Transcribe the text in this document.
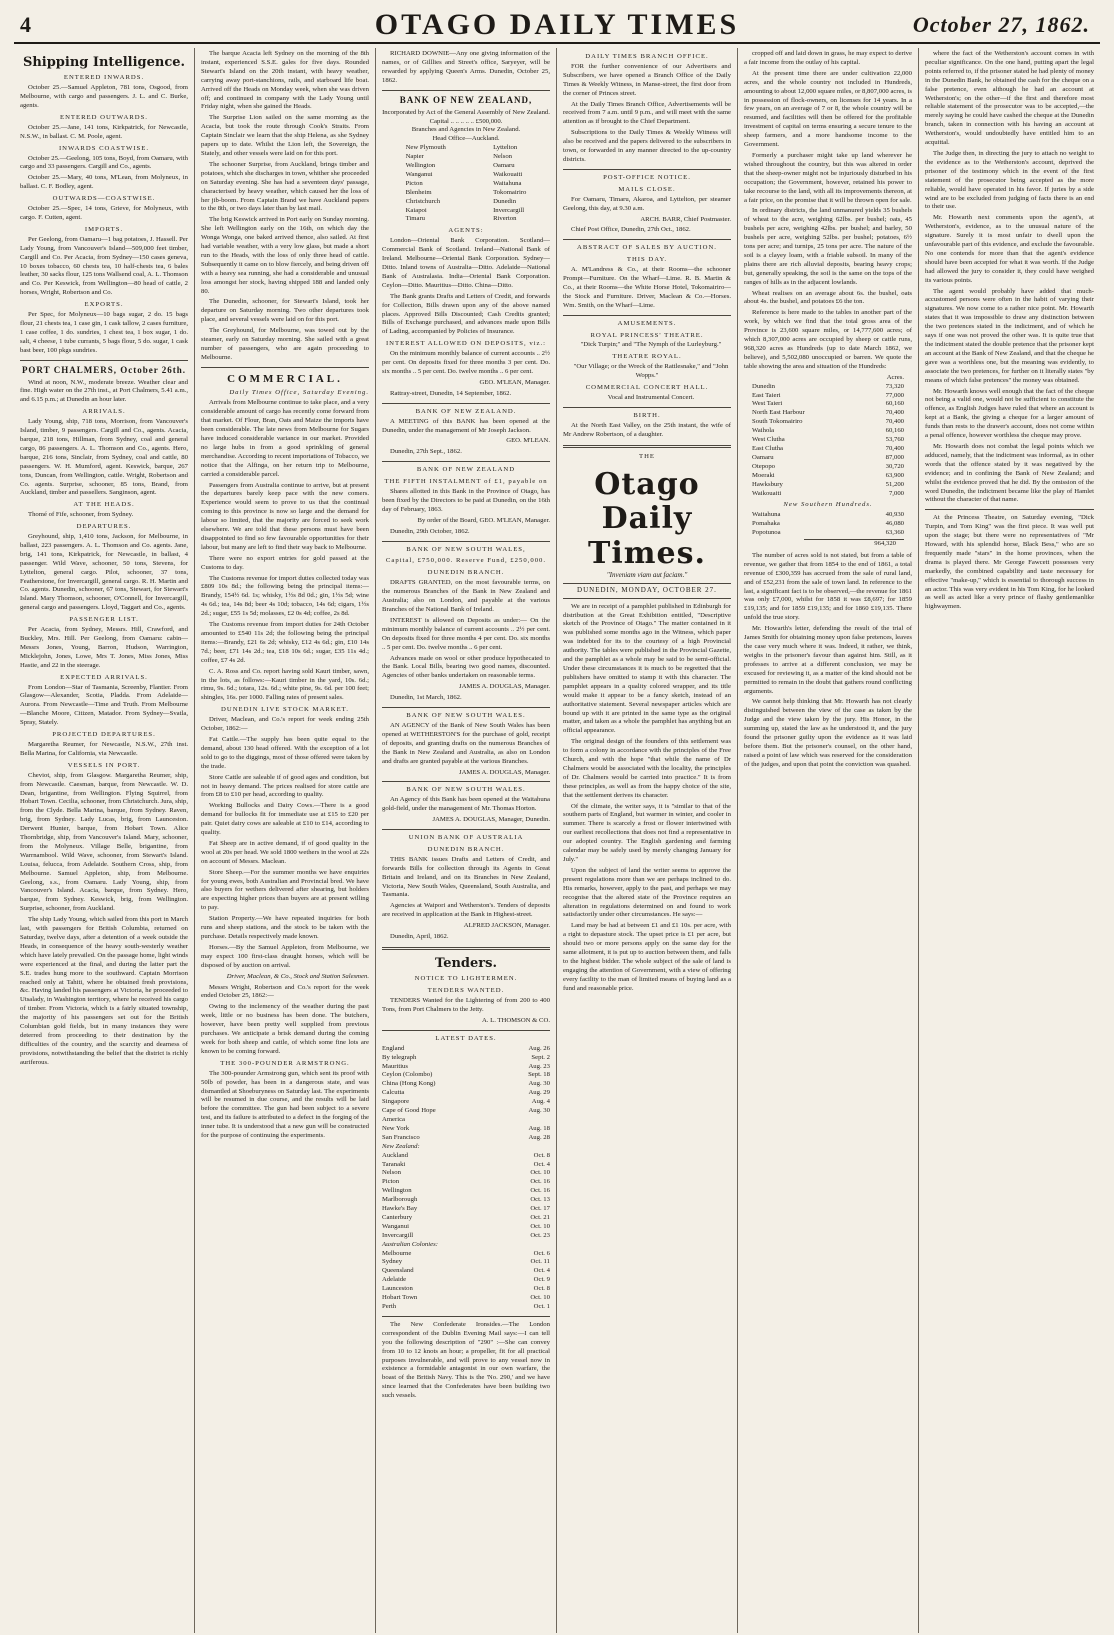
4	OTAGO DAILY TIMES	October 27, 1862.
Shipping Intelligence.
ENTERED INWARDS.

October 25.—Samuel Appleton, 781 tons, Osgood, from Melbourne, with cargo and passengers. J. L. and C. Burke, agents.

ENTERED OUTWARDS.

October 25.—Jane, 141 tons, Kirkpatrick, for Newcastle, N.S.W., in ballast. C. M. Poole, agent.

INWARDS COASTWISE.

October 25.—Geelong, 105 tons, Boyd, from Oamaru, with cargo and 33 passengers. Cargill and Co., agents.

October 25.—Mary, 40 tons, M'Lean, from Molyneux, in ballast. C. F. Bodley, agent.

OUTWARDS—COASTWISE.

October 25.—Spec, 14 tons, Grieve, for Molyneux, with cargo. F. Cutten, agent.

IMPORTS.

Per Geelong, from Oamaru—1 bag potatoes, J. Hassell. Per Lady Young, from Vancouver's Island—509,000 feet timber, Cargill and Co. Per Acacia, from Sydney—150 cases geneva, 10 boxes tobacco, 60 chests tea, 10 half-chests tea, 6 bales leather, 30 sacks flour, 125 tons Wallsend coal, A. L. Thomson and Co. Per Keswick, from Wellington—80 head of cattle, 2 horses, Wright, Robertson and Co.

EXPORTS.

Per Spec, for Molyneux—10 bags sugar, 2 do. 15 bags flour, 21 chests tea, 1 case gin, 1 cask tallow, 2 cases furniture, 1 case coffee, 1 do. sundries, 1 chest tea, 1 box sugar, 1 do. salt, 4 cheese, 1 tube currants, 5 bags flour, 5 do. sugar, 1 cask bast beer, 100 pkgs sundries.

PORT CHALMERS, October 26th.

Wind at noon, N.W., moderate breeze. Weather clear and fine. High water on the 27th inst., at Port Chalmers, 5.41 a.m., and 6.15 p.m.; at Dunedin an hour later.

ARRIVALS.

Lady Young, ship, 718 tons, Morrison, from Vancouver's Island, timber, 9 passengers. Cargill and Co., agents. Acacia, barque, 218 tons, Hillman, from Sydney, coal and general cargo, 86 passengers. A. L. Thomson and Co., agents. Hero, barque, 216 tons, Sinclair, from Sydney, coal and cattle, 80 passengers. W. H. Mumford, agent. Keswick, barque, 267 tons, Duncan, from Wellington, cattle. Wright, Robertson and Co. agents. Surprise, schooner, 85 tons, Brand, from Auckland, timber and passellers. Sanginson, agent.

AT THE HEADS.

Thomé of Fife, schooner, from Sydney.

DEPARTURES.

Greyhound, ship, 1,410 tons, Jackson, for Melbourne, in ballast, 223 passengers. A. L. Thomson and Co. agents. Jane, brig, 141 tons, Kirkpatrick, for Newcastle, in ballast, 4 passenger. Wild Wave, schooner, 50 tons, Stevens, for Lyttelton, general cargo. Pilot, schooner, 37 tons, Featherstone, for Invercargill, general cargo. R. H. Martin and Co. agents. Dunedin, schooner, 67 tons, Stewart, for Stewart's Island. Mary Thomson, schooner, O'Connell, for Invercargill, general cargo and passengers. Lloyd, Taggart and Co., agents.

PASSENGER LIST.

Per Acacia, from Sydney, Messrs. Hill, Crawford, and Buckley, Mrs. Hill. Per Geelong, from Oamaru: cabin—Messrs Jones, Young, Barron, Hudson, Warrington, Micklejohn, Jones, Lowe, Mrs T. Jones, Miss Jones, Miss Hastie, and 22 in the steerage.

EXPECTED ARRIVALS.

From London—Star of Tasmania, Screenby, Flantier. From Glasgow—Alexander, Scotia, Pladda. From Adelaide—Aurora. From Newcastle—Time and Truth. From Melbourne—Blanche Moore, Citizen, Matador. From Sydney—Svatla, Spray, Stately.

PROJECTED DEPARTURES.

Margaretha Reumer, for Newcastle, N.S.W., 27th inst. Bella Marina, for California, via Newcastle.

VESSELS IN PORT.

Cheviot, ship, from Glasgow. Margaretha Reumer, ship, from Newcastle. Caesman, barque, from Newcastle. W. D. Dean, brigantine, from Wellington. Flying Squirrel, from Hobart Town. Cecilia, schooner, from Christchurch. Jura, ship, from the Clyde. Bella Marina, barque, from Sydney. Raven, brig, from Sydney. Lady Lucas, brig, from Launceston. Derwent Hunter, barque, from Hobart Town. Alice Thornbridge, ship, from Vancouver's Island. Mary, schooner, from the Molyneux. Village Belle, brigantine, from Warrnambool. Wild Wave, schooner, from Stewart's Island. Louisa, felucca, from Adelaide. Southern Cross, ship, from Melbourne. Samuel Appleton, ship, from Melbourne. Geelong, s.s., from Oamaru. Lady Young, ship, from Vancouver's Island. Acacia, barque, from Sydney. Hero, barque, from Sydney. Keswick, brig, from Wellington. Surprise, schooner, from Auckland.

The ship Lady Young, which sailed from this port in March last, with passengers for British Columbia, returned on Saturday, twelve days, after a detention of a week outside the Heads, in consequence of the heavy south-westerly weather which have lately prevailed. On the passage home, light winds were experienced at the final, and during the latter part the S.E. trades hung more to the southward. Captain Morrison reached only at Tahiti, where he obtained fresh provisions, &c. Having landed his passengers at Victoria, he proceeded to Utsalady, in Washington territory, where he received his cargo of timber. From Victoria, which is a fairly situated township, the majority of his passengers set out for the British Columbian gold fields, but in many instances they were deterred from proceeding to their destination by the difficulties of the country, and the scarcity and dearness of provisions, notwithstanding the belief that the district is richly auriferous.

The barque Acacia left Sydney on the morning of the 8th instant, experienced S.S.E. gales for five days. Rounded Stewart's Island on the 20th instant, with heavy weather, carrying away port-stanchions, rails, and starboard life boat. Arrived off the Heads on Monday week, when she was driven off; and continued in company with the Lady Young until Friday night, when she gained the Heads.

The Surprise Lion sailed on the same morning as the Acacia, but took the route through Cook's Straits. From Captain Sinclair we learn that the ship Helena, as she Sydney papers up to date. Whilst the Lion left, the Sovereign, the Stately, and other vessels were laid on for this port.

The schooner Surprise, from Auckland, brings timber and potatoes, which she discharges in town, whither she proceeded on Saturday evening. She has had a seventeen days' passage, characterised by heavy weather, which caused her the loss of her jib-boom. From Captain Brand we have Auckland papers to the 8th, or two days later than by last mail.

The brig Keswick arrived in Port early on Sunday morning. She left Wellington early on the 16th, on which day the Wonga Wonga, one baked arrived thence, also sailed. At first had variable weather, with a very low glass, but made a short run to the Heads, with the loss of only three head of cattle. Subsequently it came on to blow fiercely, and being driven off with a heavy sea running, she had a considerable and unusual loss amongst her stock, having shipped 188 and landed only 80.

The Dunedin, schooner, for Stewart's Island, took her departure on Saturday morning. Two other departures took place, and several vessels were laid on for this port.

The Greyhound, for Melbourne, was towed out by the steamer, early on Saturday morning. She sailed with a great number of passengers, who are again proceeding to Melbourne.

COMMERCIAL.
Daily Times Office, Saturday Evening.

Arrivals from Melbourne continue to take place, and a very considerable amount of cargo has recently come forward from that market. Of Flour, Bran, Oats and Maize the imports have been considerable. The late news from Melbourne for Sugars have induced considerable variance in our market. Provided no large hubs in from a good sprinkling of general merchandise. According to recent importations of Tobacco, we notice that the Alfinga, on her return trip to Melbourne, carried a considerable parcel.

Passengers from Australia continue to arrive, but at present the departures barely keep pace with the new comers. Experience would seem to prove to us that the continual coming to this province is now so large and the demand for labour so limited, that the majority are forced to seek work elsewhere. We are told that these persons must have been disappointed to find so few favourable opportunities for their labour, but many are left to find their way back to Melbourne.

There were no export entries for gold passed at the Customs to day.

The Customs revenue for import duties collected today was £809 10s 8d.; the following being the principal items:—Brandy, 154½ 6d. 1s; whisky, 1½s 8d 0d.; gin, 1½s 5d; wine 4s 6d.; tea, 14s 8d; beer 4s 10d; tobacco, 14s 6d; cigars, 1½s 2d.; sugar, £55 1s 5d; molasses, £2 0s 4d; coffee, 2s 8d.

The Customs revenue from import duties for 24th October amounted to £540 11s 2d; the following being the principal items:—Brandy, £21 6s 2d; whisky, £12 4s 6d.; gin, £10 14s 7d.; beer, £71 14s 2d.; tea, £18 10s 6d.; sugar, £35 11s 4d.; coffee, £7 4s 2d.

C. A. Ross and Co. report having sold Kauri timber, sawn, in the lots, as follows:—Kauri timber in the yard, 10s. 6d.; rimu, 9s. 6d.; totara, 12s. 6d.; white pine, 9s. 6d. per 100 feet; shingles, 16s. per 1000. Falling rates of present sales.

DUNEDIN LIVE STOCK MARKET.

Driver, Maclean, and Co.'s report for week ending 25th October, 1862:—

Fat Cattle.—The supply has been quite equal to the demand, about 130 head offered. With the exception of a lot sold to go to the diggings, most of those offered were taken by the trade.

Store Cattle are saleable if of good ages and condition, but not in heavy demand. The prices realised for store cattle are from £8 to £10 per head, according to quality.

Working Bullocks and Dairy Cows.—There is a good demand for bullocks fit for immediate use at £15 to £20 per pair. Quiet dairy cows are saleable at £10 to £14, according to quality.

Fat Sheep are in active demand, if of good quality in the wool at 20s per head. We sold 1800 wethers in the wool at 22s on account of Messrs. Maclean.

Store Sheep.—For the summer months we have enquiries for young ewes, both Australian and Provincial bred. We have also buyers for wethers delivered after shearing, but holders are expecting higher prices than buyers are at present willing to pay.

Station Property.—We have repeated inquiries for both runs and sheep stations, and the stock to be taken with the purchase. Details respectively made known.

Horses.—By the Samuel Appleton, from Melbourne, we may expect 100 first-class draught horses, which will be disposed of by auction on arrival.

Driver, Maclean, & Co., Stock and Station Salesmen.

Messrs Wright, Robertson and Co.'s report for the week ended October 25, 1862:—

Owing to the inclemency of the weather during the past week, little or no business has been done. The butchers, however, have been pretty well supplied from previous purchases. We anticipate a brisk demand during the coming week for both sheep and cattle, of which some fine lots are known to be coming forward.

THE 300-POUNDER ARMSTRONG.

The 300-pounder Armstrong gun, which sent its proof with 50lb of powder, has been in a dangerous state, and was dismantled at Shoeburyness on Saturday last. The experiments will be resumed in due course, and the results will be laid before the committee. The gun had been subject to a severe test, and its failure is attributed to a defect in the forging of the inner tube. It is understood that a new gun will be constructed for the purpose of continuing the experiments.

RICHARD DOWNIE—Any one giving information of the names, or of Gilllies and Street's office, Saryeyer, will be rewarded by applying Queen's Arms. Dunedin, October 25, 1862.

BANK OF NEW ZEALAND,
Incorporated by Act of the General Assembly of New Zealand.
Capital .. .. .. .. .. £500,000.
Branches and Agencies in New Zealand.
Head Office—Auckland.
New Plymouth
Napier
Wellington
Wanganui
Picton
Blenheim
Christchurch
Kaiapoi
Timaru
Lyttelton
Nelson
Oamaru
Waikouaiti
Waitahuna
Tokomairiro
Dunedin
Invercargill
Riverton
AGENTS:

London—Oriental Bank Corporation. Scotland—Commercial Bank of Scotland. Ireland—National Bank of Ireland. Melbourne—Oriental Bank Corporation. Sydney—Ditto. Inland towns of Australia—Ditto. Adelaide—National Bank of Australasia. India—Oriental Bank Corporation. Ceylon—Ditto. Mauritius—Ditto. China—Ditto.

The Bank grants Drafts and Letters of Credit, and forwards for Collection, Bills drawn upon any of the above named places. Approved Bills Discounted; Cash Credits granted; Bills of Exchange purchased, and advances made upon Bills of Lading, accompanied by Policies of Insurance.

INTEREST ALLOWED ON DEPOSITS, viz.:

On the minimum monthly balance of current accounts .. 2½ per cent. On deposits fixed for three months 3 per cent. Do. six months .. 5 per cent. Do. twelve months .. 6 per cent.

GEO. M'LEAN, Manager.

Rattray-street, Dunedin, 14 September, 1862.

BANK OF NEW ZEALAND.

A MEETING of this BANK has been opened at the Dunedin, under the management of Mr Joseph Jackson.

GEO. M'LEAN.

Dunedin, 27th Sept., 1862.

BANK OF NEW ZEALAND
THE FIFTH INSTALMENT of £1, payable on

Shares allotted in this Bank in the Province of Otago, has been fixed by the Directors to be paid at Dunedin, on the 16th day of February, 1863.

By order of the Board, GEO. M'LEAN, Manager.

Dunedin, 29th October, 1862.

BANK OF NEW SOUTH WALES,
Capital, £750,000. Reserve Fund, £250,000.
DUNEDIN BRANCH.

DRAFTS GRANTED, on the most favourable terms, on the numerous Branches of the Bank in New Zealand and Australia; also on London, and payable at the various Branches of the National Bank of Ireland.

INTEREST is allowed on Deposits as under:— On the minimum monthly balance of current accounts .. 2½ per cent. On deposits fixed for three months 4 per cent. Do. six months .. 5 per cent. Do. twelve months .. 6 per cent.

Advances made on wool or other produce hypothecated to the Bank. Local Bills, bearing two good names, discounted. Agencies of other banks undertaken on reasonable terms.

JAMES A. DOUGLAS, Manager.

Dunedin, 1st March, 1862.

BANK OF NEW SOUTH WALES.

AN AGENCY of the Bank of New South Wales has been opened at WETHERSTON'S for the purchase of gold, receipt of deposits, and granting drafts on the numerous Branches of the Bank in New Zealand and Australia, as also on London and drafts are granted payable at the various Branches.

JAMES A. DOUGLAS, Manager.

BANK OF NEW SOUTH WALES.

An Agency of this Bank has been opened at the Waitahuna gold-field, under the management of Mr. Thomas Horton.

JAMES A. DOUGLAS, Manager, Dunedin.

UNION BANK OF AUSTRALIA
DUNEDIN BRANCH.

THIS BANK issues Drafts and Letters of Credit, and forwards Bills for collection through its Agents in Great Britain and Ireland, and on its Branches in New Zealand, Victoria, New South Wales, Queensland, South Australia, and Tasmania.

Agencies at Waipori and Wetherston's. Tenders of deposits are received in application at the Bank in Highest-street.

ALFRED JACKSON, Manager.

Dunedin, April, 1862.

Tenders.
NOTICE TO LIGHTERMEN.
TENDERS WANTED.

TENDERS Wanted for the Lightering of from 200 to 400 Tons, from Port Chalmers to the Jetty.

A. L. THOMSON & CO.

LATEST DATES.
England	Aug. 26
By telegraph	Sept. 2
Mauritius	Aug. 23
Ceylon (Colombo)	Sept. 18
China (Hong Kong)	Aug. 30
Calcutta	Aug. 29
Singapore	Aug. 4
Cape of Good Hope	Aug. 30
America
New York	Aug. 18
San Francisco	Aug. 28
New Zealand:
Auckland	Oct. 8
Taranaki	Oct. 4
Nelson	Oct. 10
Picton	Oct. 16
Wellington	Oct. 16
Marlborough	Oct. 13
Hawke's Bay	Oct. 17
Canterbury	Oct. 21
Wanganui	Oct. 10
Invercargill	Oct. 23
Australian Colonies:
Melbourne	Oct. 6
Sydney	Oct. 11
Queensland	Oct. 4
Adelaide	Oct. 9
Launceston	Oct. 8
Hobart Town	Oct. 10
Perth	Oct. 1

The New Confederate Ironsides.—The London correspondent of the Dublin Evening Mail says:—I can tell you the following description of "290" :—She can convey from 10 to 12 knots an hour; a propeller, fit for all practical purposes invulnerable, and will prove to any vessel now in existence a formidable antagonist in our own warfare, the boast of the British Navy. This is the 'No. 290,' and we have since learned that the Confederates have been building two such vessels.

DAILY TIMES BRANCH OFFICE.

FOR the further convenience of our Advertisers and Subscribers, we have opened a Branch Office of the Daily Times & Weekly Witness, in Manse-street, the first door from the corner of Princes street.

At the Daily Times Branch Office, Advertisements will be received from 7 a.m. until 9 p.m., and will meet with the same attention as if brought to the Chief Department.

Subscriptions to the Daily Times & Weekly Witness will also be received and the papers delivered to the subscribers in town, or forwarded in any manner directed to the up-country districts.

POST-OFFICE NOTICE.
MAILS CLOSE.

For Oamaru, Timaru, Akaroa, and Lyttelton, per steamer Geelong, this day, at 9.30 a.m.

ARCH. BARR, Chief Postmaster.

Chief Post Office, Dunedin, 27th Oct., 1862.

ABSTRACT OF SALES BY AUCTION.
THIS DAY.

A. M'Landress & Co., at their Rooms—the schooner Prompt—Furniture. On the Wharf—Lime. R. B. Martin & Co., at their Rooms—the White Horse Hotel, Tokomairiro—the Stock and Furniture. Driver, Maclean & Co.—Horses. Wm. Smith, on the Wharf—Lime.

AMUSEMENTS.
ROYAL PRINCESS' THEATRE.

"Dick Turpin;" and "The Nymph of the Lurleyburg."

THEATRE ROYAL.

"Our Village; or the Wreck of the Rattlesnake," and "John Wopps."

COMMERCIAL CONCERT HALL.

Vocal and Instrumental Concert.

BIRTH.

At the North East Valley, on the 25th instant, the wife of Mr Andrew Robertson, of a daughter.

THE
Otago Daily Times.
"Inveniam viam aut faciam."
DUNEDIN, MONDAY, OCTOBER 27.

We are in receipt of a pamphlet published in Edinburgh for distribution at the Great Exhibition entitled, "Descriptive sketch of the Province of Otago." The matter contained in it was published some months ago in the Witness, which paper was indebted for its to the courtesy of a high Provincial authority. The tables were published in the Provincial Gazette, and the pamphlet as a whole may be said to be semi-official. Under these circumstances it is much to be regretted that the publishers have omitted to stamp it with this character. The pamphlet appears in a quality colored wrapper, and its title would make it appear to be a fancy sketch, instead of an authoritative statement. Several newspaper articles which are bound up with it are printed in the same type as the original matter, and taken as a whole the pamphlet has anything but an official appearance.

The original design of the founders of this settlement was to form a colony in accordance with the principles of the Free Church, and with the hope "that while the name of Dr Chalmers would be associated with the locality, the principles of Dr. Chalmers would be carried into practice." It is from these principles, as well as from the happy choice of the site, that the settlement derives its character.

Of the climate, the writer says, it is "similar to that of the southern parts of England, but warmer in winter, and cooler in summer. There is scarcely a frost or flower intertwined with our earliest recollections that does not find a representative in our adopted country. The English gardening and farming calendar may be safely used by merely changing January for July."

Upon the subject of land the writer seems to approve the present regulations more than we are perhaps inclined to do. His remarks, however, apply to the past, and perhaps we may recognise that the altered state of the Province requires an alteration in regulations determined on and found to work satisfactorily under other circumstances. He says:—

Land may be had at between £1 and £1 10s. per acre, with a right to depasture stock. The upset price is £1 per acre, but should two or more persons apply on the same day for the same allotment, it is put up to auction between them, and falls to the highest bidder. The whole subject of the sale of land is engaging the attention of Government, with a view of offering every facility to the man of limited means of buying land as a fund and reasonable price.

cropped off and laid down in grass, he may expect to derive a fair income from the outlay of his capital.

At the present time there are under cultivation 22,000 acres, and the whole country not included in Hundreds, amounting to about 12,000 square miles, or 8,807,000 acres, is in possession of flock-owners, on licenses for 14 years. In a few years, on an average of 7 or 8, the whole country will be resumed, and facilities will then be offered for the profitable investment of capital on terms ensuring a secure tenure to the sheep farmers, and a more handsome income to the Government.

Formerly a purchaser might take up land wherever he wished throughout the country, but this was altered in order that the sheep-owner might not be injuriously disturbed in his occupation; the Government, however, retained his power to take recourse to the land, with all its improvements thereon, at a fair price, on the promise that it will be thrown open for sale.

In ordinary districts, the land unmanured yields 35 bushels of wheat to the acre, weighing 62lbs. per bushel; oats, 45 bushels per acre, weighing 42lbs. per bushel; and barley, 50 bushels per acre, weighing 52lbs. per bushel; potatoes, 6½ tons per acre; and turnips, 25 tons per acre. The nature of the soil is a clayey loam, with a friable subsoil. In many of the plains there are rich alluvial deposits, bearing heavy crops; but, generally speaking, the soil is the same on the tops of the ranges of hills as in the adjacent lowlands.

Wheat realises on an average about 6s. the bushel, oats about 4s. the bushel, and potatoes £6 the ton.

Reference is here made to the tables in another part of the work, by which we find that the total gross area of the Province is 23,600 square miles, or 14,777,600 acres; of which 8,307,000 acres are occupied by sheep or cattle runs, 968,320 acres as Hundreds (up to date March 1862, we believe), and 5,502,080 unoccupied or barren. We quote the table showing the area and situation of the Hundreds:

Acres.
Dunedin	73,320
East Taieri	77,000
West Taieri	60,160
North East Harbour	70,400
South Tokomairiro	70,400
Waihola	60,160
West Clutha	53,760
East Clutha	70,400
Oamaru	87,000
Otepopo	30,720
Moeraki	63,900
Hawksbury	51,200
Waikouaiti	7,000
New Southern Hundreds.
Waitahuna	40,930
Pomahaka	46,080
Popotunoa	63,360
964,320

The number of acres sold is not stated, but from a table of revenue, we gather that from 1854 to the end of 1861, a total revenue of £300,359 has accrued from the sale of rural land, and of £52,231 from the sale of town land. In reference to the last, a significant fact is to be observed,—the revenue for 1861 was only £7,000, whilst for 1858 it was £8,697; for 1859 £19,135; and for 1859 £19,135; and for 1860 £19,135. There unfold the true story.

Mr. Howarth's letter, defending the result of the trial of James Smith for obtaining money upon false pretences, leaves the case very much where it was. Indeed, it rather, we think, weighs in the prisoner's favour than against him. Still, as it professes to arrive at a different conclusion, we may be excused for reviewing it, as a matter of the kind should not be permitted to remain in the doubt that gathers round conflicting arguments.

We cannot help thinking that Mr. Howarth has not clearly distinguished between the view of the case as taken by the Judge and the view taken by the jury. His Honor, in the summing up, stated the law as he understood it, and the jury found the prisoner guilty upon the evidence as it was laid before them. But the prisoner's counsel, on the other hand, raised a point of law which was reserved for the consideration of the judges, and upon that point the conviction was quashed.

where the fact of the Wetherston's account comes in with peculiar significance. On the one hand, putting apart the legal points referred to, if the prisoner stated he had plenty of money in the Dunedin Bank, he obtained the cash for the cheque on a false pretence, even although he had an account at Wetherston's; on the other—if the first and therefore most reliable statement of the prosecutor was to be accepted,—the merely saying he could have cashed the cheque at the Dunedin branch, taken in connection with his having an account at Wetherston's, would undoubtedly have entitled him to an acquittal.

The Judge then, in directing the jury to attach no weight to the evidence as to the Wetherston's account, deprived the prisoner of the testimony which in the event of the first statement of the prosecutor being accepted as the more reliable, would have operated in his favor. If juries by a side wind are to be excluded from judging of facts there is an end to their use.

Mr. Howarth next comments upon the agent's, at Wetherston's, evidence, as to the unusual nature of the signature. Surely it is most unfair to dwell upon the unfavourable part of this evidence, and exclude the favourable. No one contends for more than that the agent's evidence should have been accepted for what it was worth. If the Judge had allowed the jury to consider it, they could have weighed its various points.

The agent would probably have added that much-accustomed persons were often in the habit of varying their signatures. We now come to a rather nice point. Mr. Howarth states that it was impossible to draw any distinction between the two pretences stated in the indictment, and of which he says if one was not proved the other was. It is quite true that the indictment stated the double pretence that the prisoner kept an account at the Bank of New Zealand, and that the cheque he gave was a worthless one, but the meaning was evidently, to associate the two pretences, for further on it literally states "by means of which false pretences" the money was obtained.

Mr. Howarth knows well enough that the fact of the cheque not being a valid one, would not be sufficient to constitute the offence, as English Judges have ruled that where an account is kept at a Bank, the giving a cheque for a larger amount of funds than rests to the drawer's account, does not come within a penal offence, however worthless the cheque may prove.

Mr. Howarth does not combat the legal points which we adduced, namely, that the indictment was informal, as in other words that the offence stated by it was negatived by the evidence; and in confining the Bank of New Zealand; and whilst the evidence proved that he did. By the omission of the word Dunedin, the indictment became like the play of Hamlet without the character of that name.

At the Princess Theatre, on Saturday evening, "Dick Turpin, and Tom King" was the first piece. It was well put upon the stage; but there were no representatives of "Mr Howard, with his splendid horse, Black Bess," who are so frequently made "stars" in the home provinces, when the drama is played there. Mr George Fawcett possesses very markedly, the combined capability and taste necessary for effective "make-up," which is essential to thorough success in an actor. This was very evident in his Tom King, for he looked as well as acted like a very prince of flashy gentlemanlike highwaymen.
